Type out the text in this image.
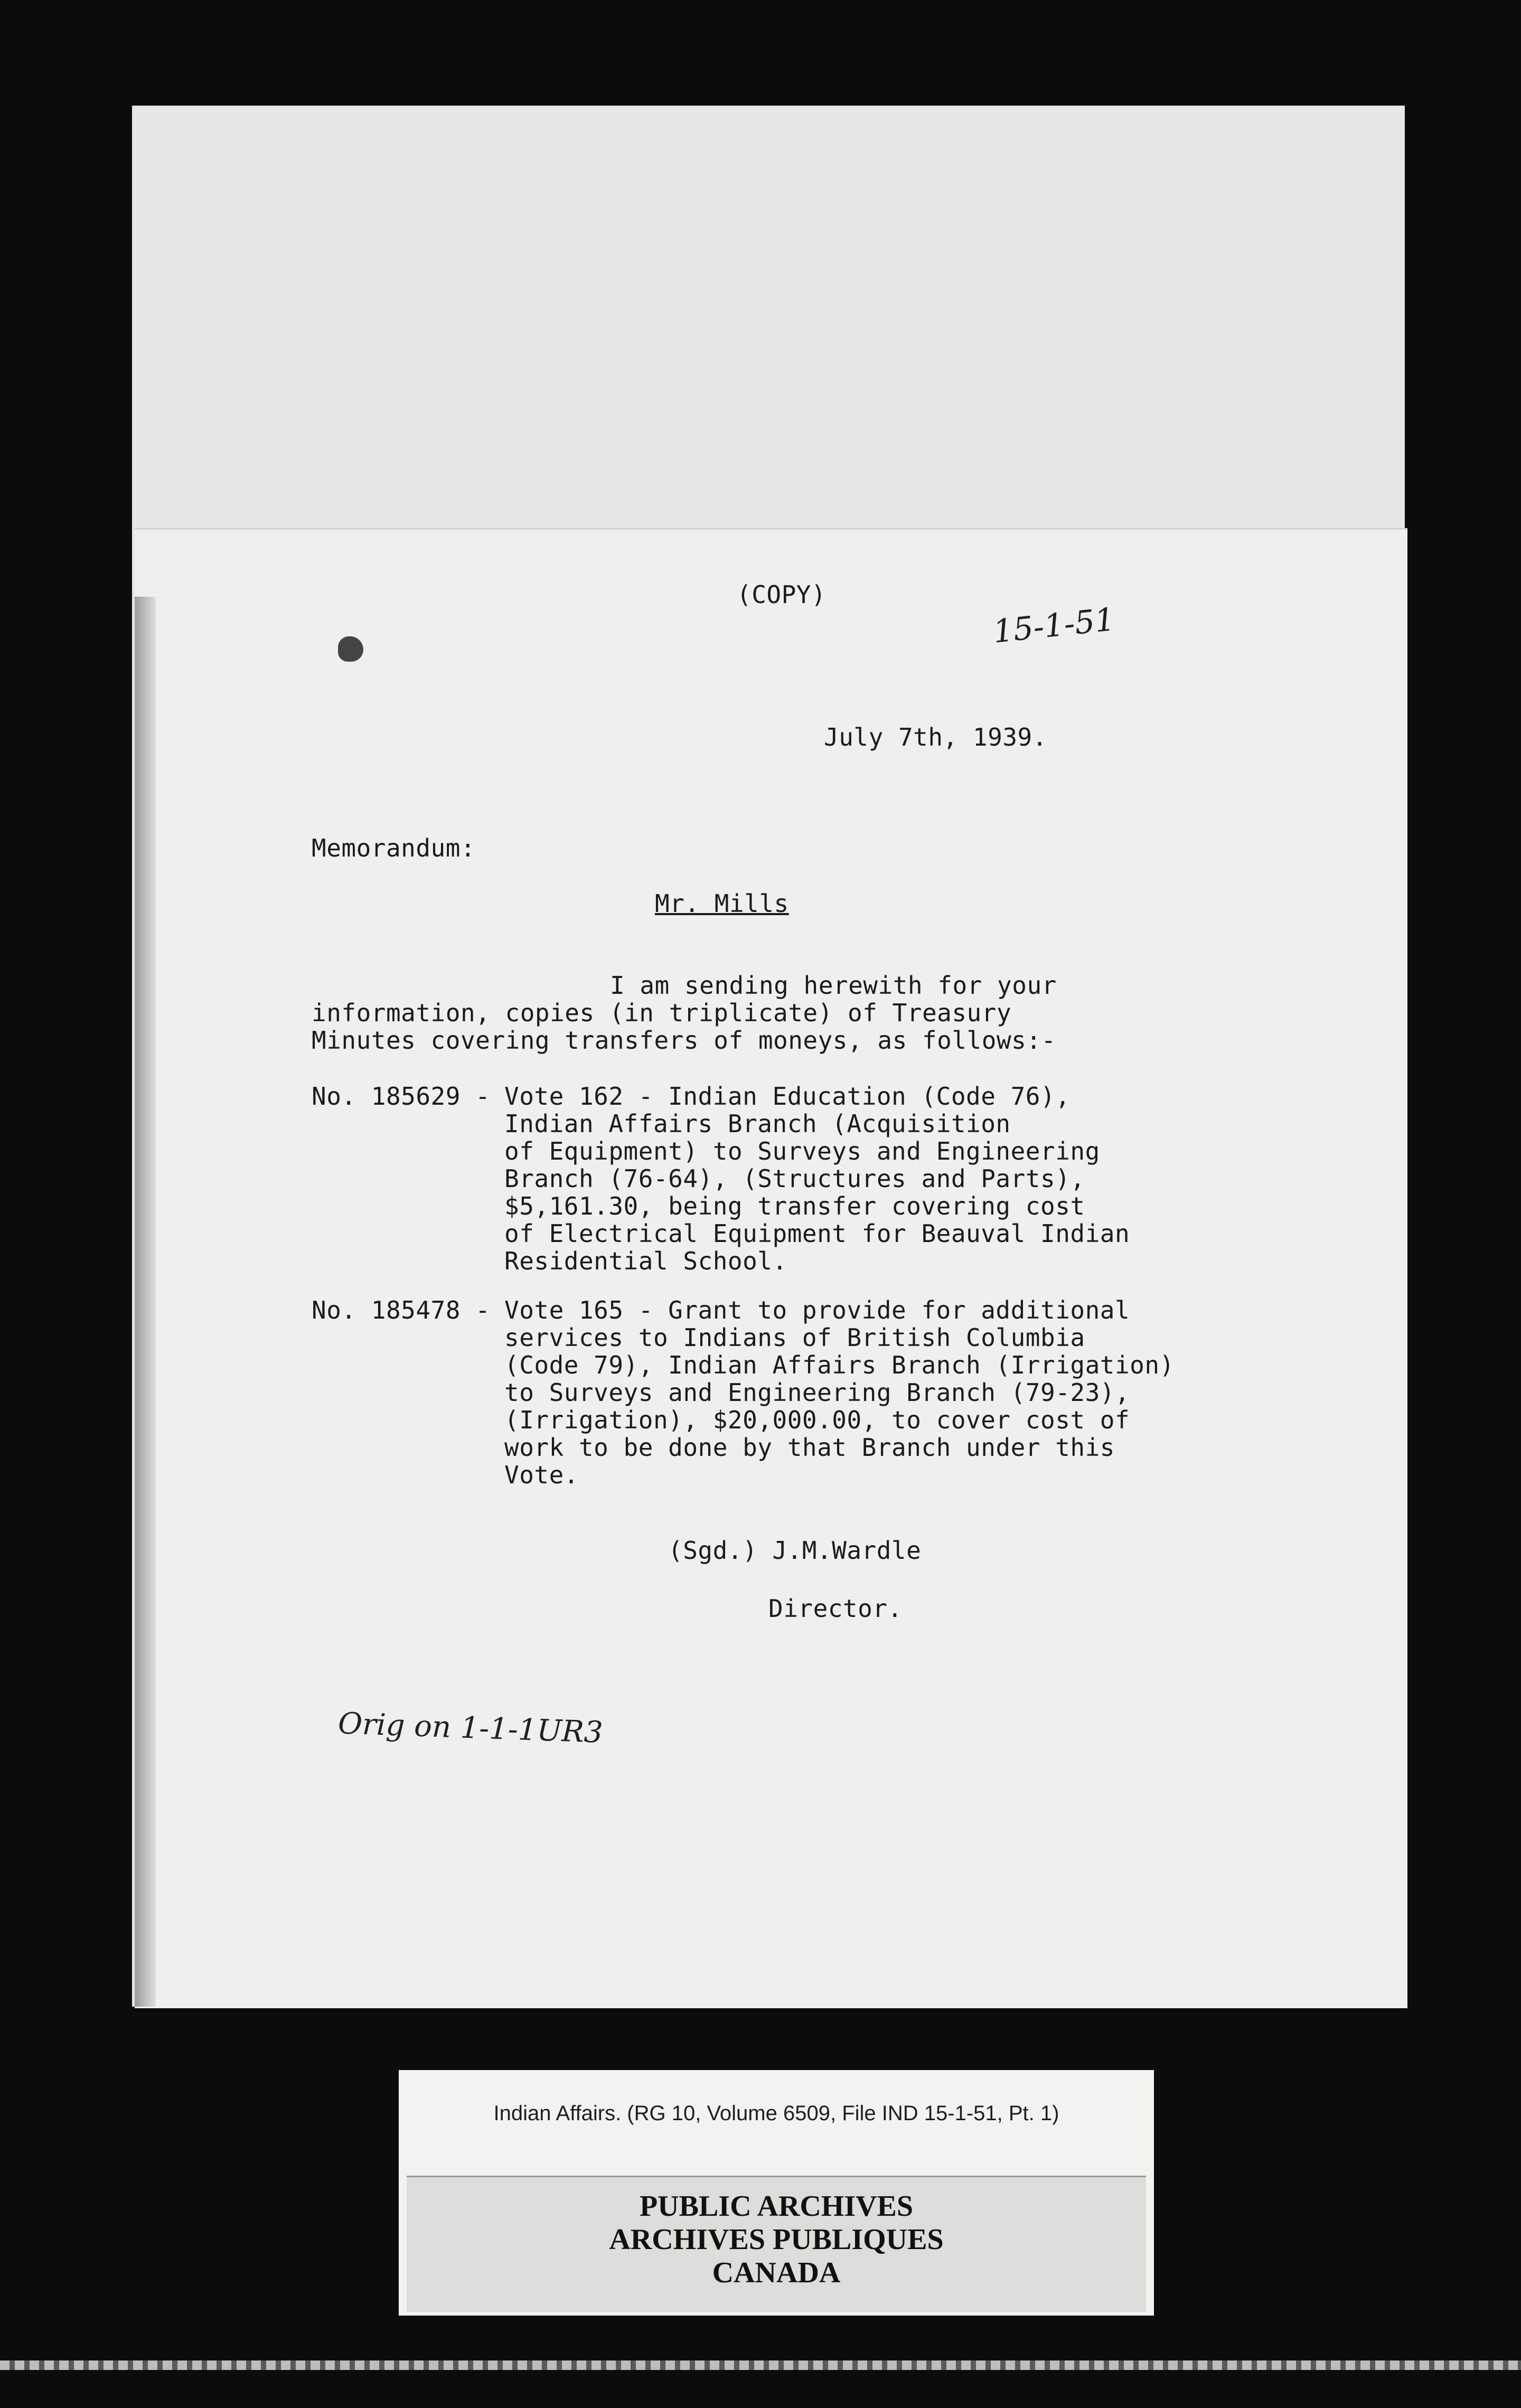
(COPY)
15-1-51
July 7th, 1939.
Memorandum:
Mr. Mills
I am sending herewith for your
information, copies (in triplicate) of Treasury
Minutes covering transfers of moneys, as follows:-
No. 185629 - Vote 162 - Indian Education (Code 76),
Indian Affairs Branch (Acquisition
of Equipment) to Surveys and Engineering
Branch (76-64), (Structures and Parts),
$5,161.30, being transfer covering cost
of Electrical Equipment for Beauval Indian
Residential School.
No. 185478 - Vote 165 - Grant to provide for additional
services to Indians of British Columbia
(Code 79), Indian Affairs Branch (Irrigation)
to Surveys and Engineering Branch (79-23),
(Irrigation), $20,000.00, to cover cost of
work to be done by that Branch under this
Vote.
(Sgd.) J.M.Wardle
Director.
Orig on 1-1-1UR3
Indian Affairs. (RG 10, Volume 6509, File IND 15-1-51, Pt. 1)
PUBLIC ARCHIVES
ARCHIVES PUBLIQUES
CANADA
